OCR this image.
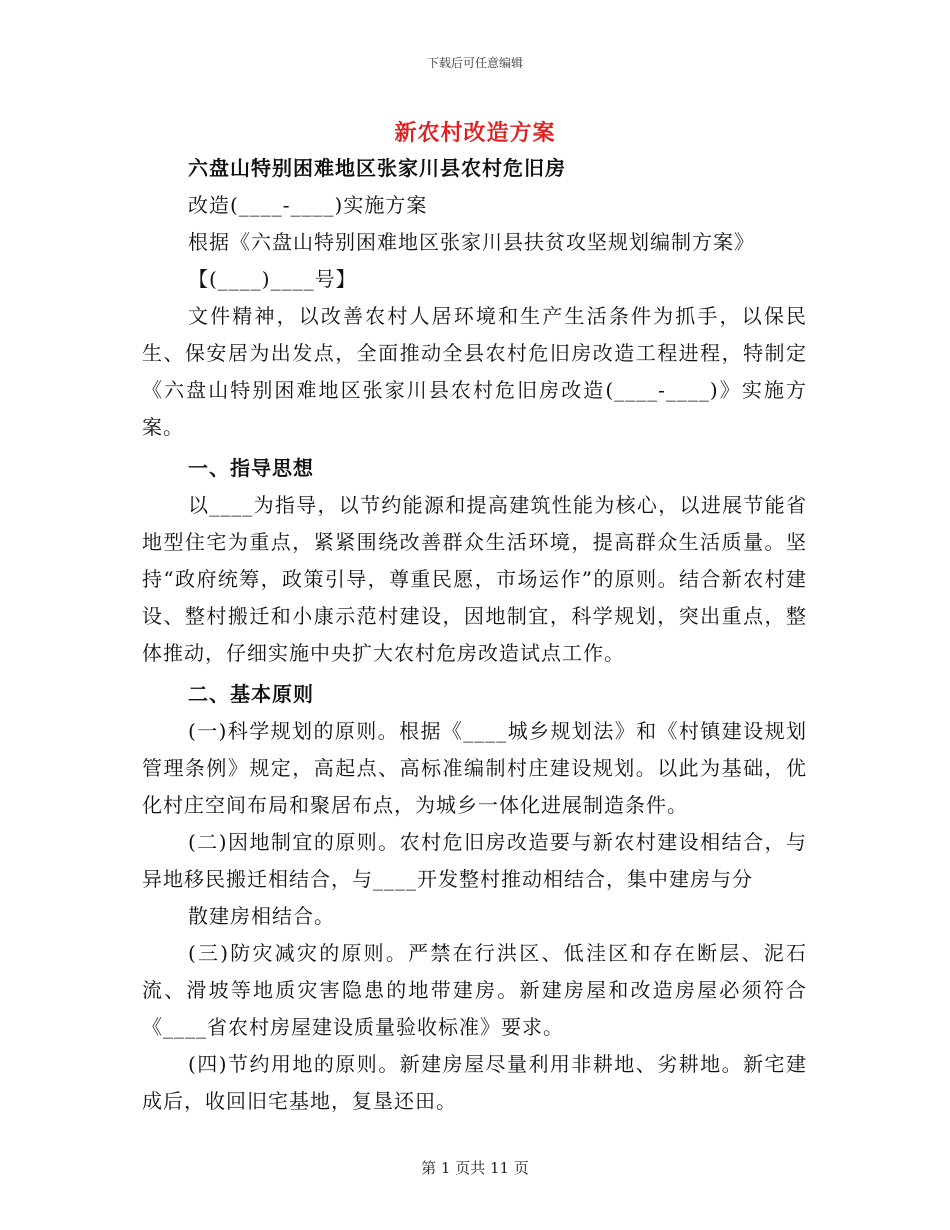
下载后可任意编辑
新农村改造方案

六盘山特别困难地区张家川县农村危旧房

改造(____-____)实施方案

根据《六盘山特别困难地区张家川县扶贫攻坚规划编制方案》

【(____)____号】

文件精神，以改善农村人居环境和生产生活条件为抓手，以保民生、保安居为出发点，全面推动全县农村危旧房改造工程进程，特制定《六盘山特别困难地区张家川县农村危旧房改造(____-____)》实施方案。

一、指导思想

以____为指导，以节约能源和提高建筑性能为核心，以进展节能省地型住宅为重点，紧紧围绕改善群众生活环境，提高群众生活质量。坚持“政府统筹，政策引导，尊重民愿，市场运作”的原则。结合新农村建设、整村搬迁和小康示范村建设，因地制宜，科学规划，突出重点，整体推动，仔细实施中央扩大农村危房改造试点工作。

二、基本原则

(一)科学规划的原则。根据《____城乡规划法》和《村镇建设规划管理条例》规定，高起点、高标准编制村庄建设规划。以此为基础，优化村庄空间布局和聚居布点，为城乡一体化进展制造条件。

(二)因地制宜的原则。农村危旧房改造要与新农村建设相结合，与异地移民搬迁相结合，与____开发整村推动相结合，集中建房与分

散建房相结合。

(三)防灾减灾的原则。严禁在行洪区、低洼区和存在断层、泥石流、滑坡等地质灾害隐患的地带建房。新建房屋和改造房屋必须符合《____省农村房屋建设质量验收标准》要求。

(四)节约用地的原则。新建房屋尽量利用非耕地、劣耕地。新宅建成后，收回旧宅基地，复垦还田。

第 1 页共 11 页
